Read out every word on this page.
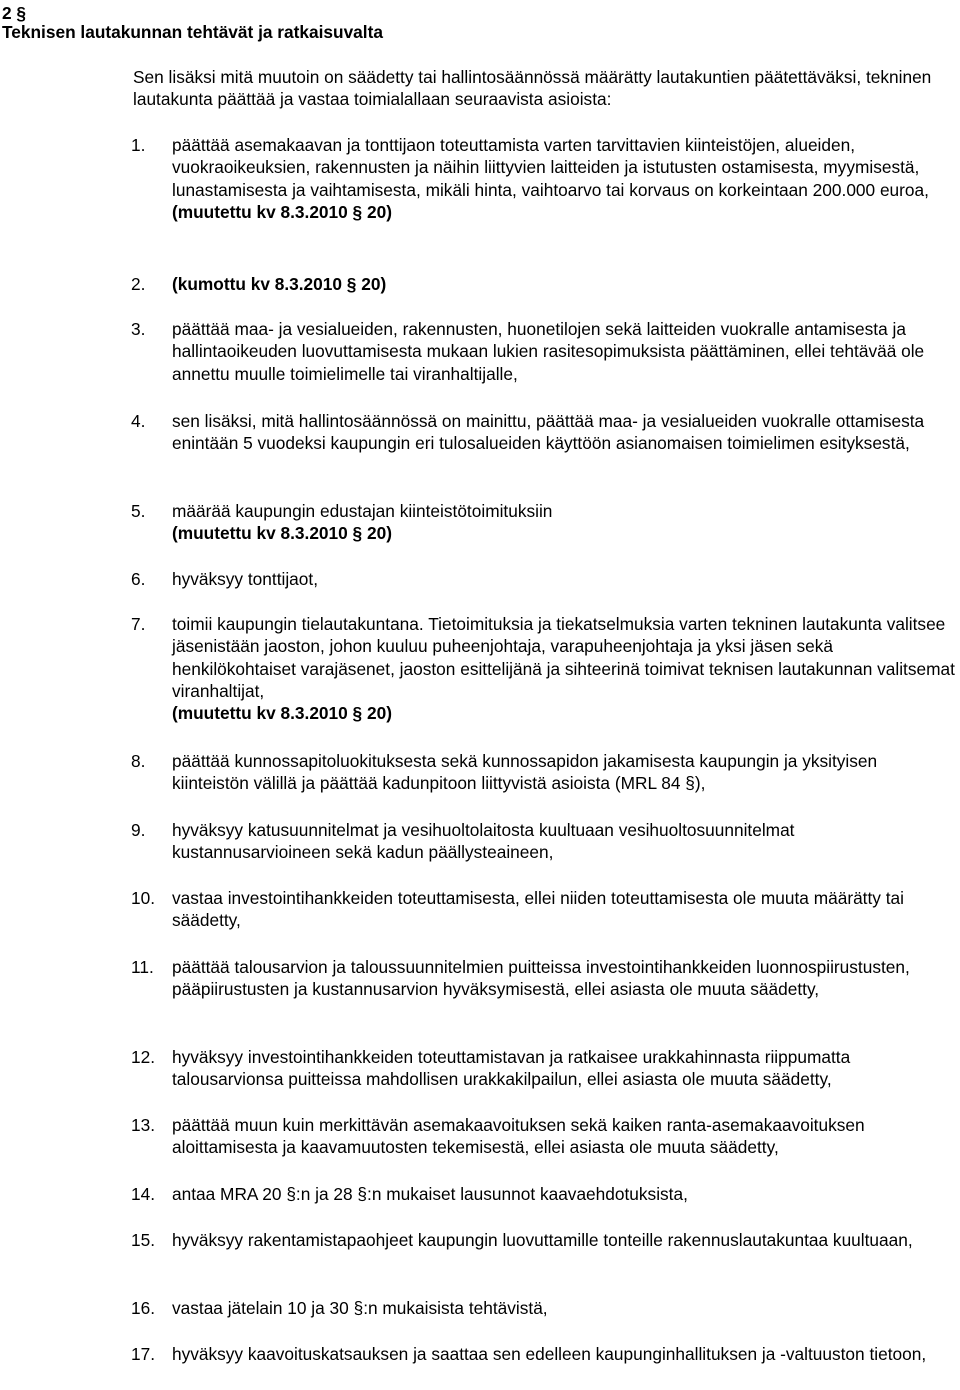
2 §
Teknisen lautakunnan tehtävät ja ratkaisuvalta

Sen lisäksi mitä muutoin on säädetty tai hallintosäännössä määrätty lautakuntien päätettäväksi, tekninen lautakunta päättää ja vastaa toimialallaan seuraavista asioista:

1.	päättää asemakaavan ja tonttijaon toteuttamista varten tarvittavien kiinteistöjen, alueiden, vuokraoikeuksien, rakennusten ja näihin liittyvien laitteiden ja istutusten ostamisesta, myymisestä, lunastamisesta ja vaihtamisesta, mikäli hinta, vaihtoarvo tai korvaus on korkeintaan 200.000 euroa,
(muutettu kv 8.3.2010 § 20)
2.	(kumottu kv 8.3.2010 § 20)
3.	päättää maa- ja vesialueiden, rakennusten, huonetilojen sekä laitteiden vuokralle antamisesta ja hallintaoikeuden luovuttamisesta mukaan lukien rasitesopimuksista päättäminen, ellei tehtävää ole annettu muulle toimielimelle tai viranhaltijalle,
4.	sen lisäksi, mitä hallintosäännössä on mainittu, päättää maa- ja vesialueiden vuokralle ottamisesta enintään 5 vuodeksi kaupungin eri tulosalueiden käyttöön asianomaisen toimielimen esityksestä,
5.	määrää kaupungin edustajan kiinteistötoimituksiin
(muutettu kv 8.3.2010 § 20)
6.	hyväksyy tonttijaot,
7.	toimii kaupungin tielautakuntana. Tietoimituksia ja tiekatselmuksia varten tekninen lautakunta valitsee jäsenistään jaoston, johon kuuluu puheenjohtaja, varapuheenjohtaja ja yksi jäsen sekä henkilökohtaiset varajäsenet, jaoston esittelijänä ja sihteerinä toimivat teknisen lautakunnan valitsemat viranhaltijat,
(muutettu kv 8.3.2010 § 20)
8.	päättää kunnossapitoluokituksesta sekä kunnossapidon jakamisesta kaupungin ja yksityisen kiinteistön välillä ja päättää kadunpitoon liittyvistä asioista (MRL 84 §),
9.	hyväksyy katusuunnitelmat ja vesihuoltolaitosta kuultuaan vesihuoltosuunnitelmat kustannusarvioineen sekä kadun päällysteaineen,
10. vastaa investointihankkeiden toteuttamisesta, ellei niiden toteuttamisesta ole muuta määrätty tai säädetty,
11.	päättää talousarvion ja taloussuunnitelmien puitteissa investointihankkeiden luonnospiirustusten, pääpiirustusten ja kustannusarvion hyväksymisestä, ellei asiasta ole muuta säädetty,
12. hyväksyy investointihankkeiden toteuttamistavan ja ratkaisee urakkahinnasta riippumatta talousarvionsa puitteissa mahdollisen urakkakilpailun, ellei asiasta ole muuta säädetty,
13. päättää muun kuin merkittävän asemakaavoituksen sekä kaiken ranta-asemakaavoituksen aloittamisesta ja kaavamuutosten tekemisestä, ellei asiasta ole muuta säädetty,
14. antaa MRA 20 §:n ja 28 §:n mukaiset lausunnot kaavaehdotuksista,
15. hyväksyy rakentamistapaohjeet kaupungin luovuttamille tonteille rakennuslautakuntaa kuultuaan,
16. vastaa jätelain 10 ja 30 §:n mukaisista tehtävistä,
17. hyväksyy kaavoituskatsauksen ja saattaa sen edelleen kaupunginhallituksen ja -valtuuston tietoon,
